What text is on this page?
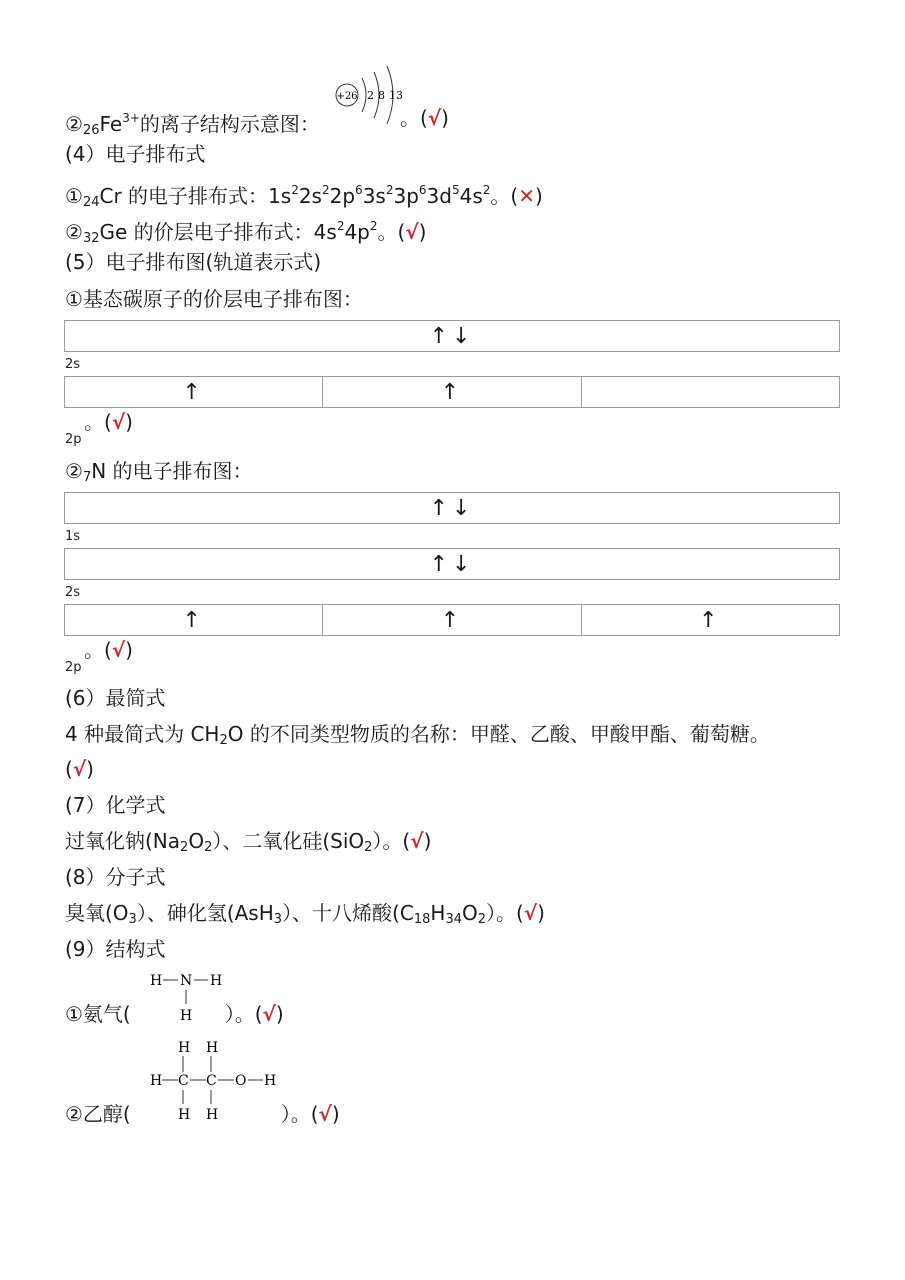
$②_{26}Fe^{3+}$的离子结构示意图：
+26 2 8 13
。(√)
(4）电子排布式
$①_{24}Cr$ 的电子排布式：$1s^22s^22p^63s^23p^63d^54s^2$。(✕)
$②_{32}Ge$ 的价层电子排布式：$4s^24p^2$。(√)
(5）电子排布图(轨道表示式)
①基态碳原子的价层电子排布图：
↑↓
2s
↑	↑
2p
。(√)
$②_7N$ 的电子排布图：
↑↓
1s
↑↓
2s
↑	↑	↑
2p
。(√)
(6）最简式
4 种最简式为 $CH_2O$ 的不同类型物质的名称：甲醛、乙酸、甲酸甲酯、葡萄糖。
(√)
(7）化学式
过氧化钠$(Na_2O_2)$、二氧化硅(SiO$_2$）。(√)
(8）分子式
臭氧$(O_3)$、砷化氢(AsH$_3$）、十八烯酸$(C_{18}H_{34}O_2)$。(√)
(9）结构式
H N H
H
①氨气(	）。(√)
H H
H C C O H
H H
②乙醇(	）。(√)
